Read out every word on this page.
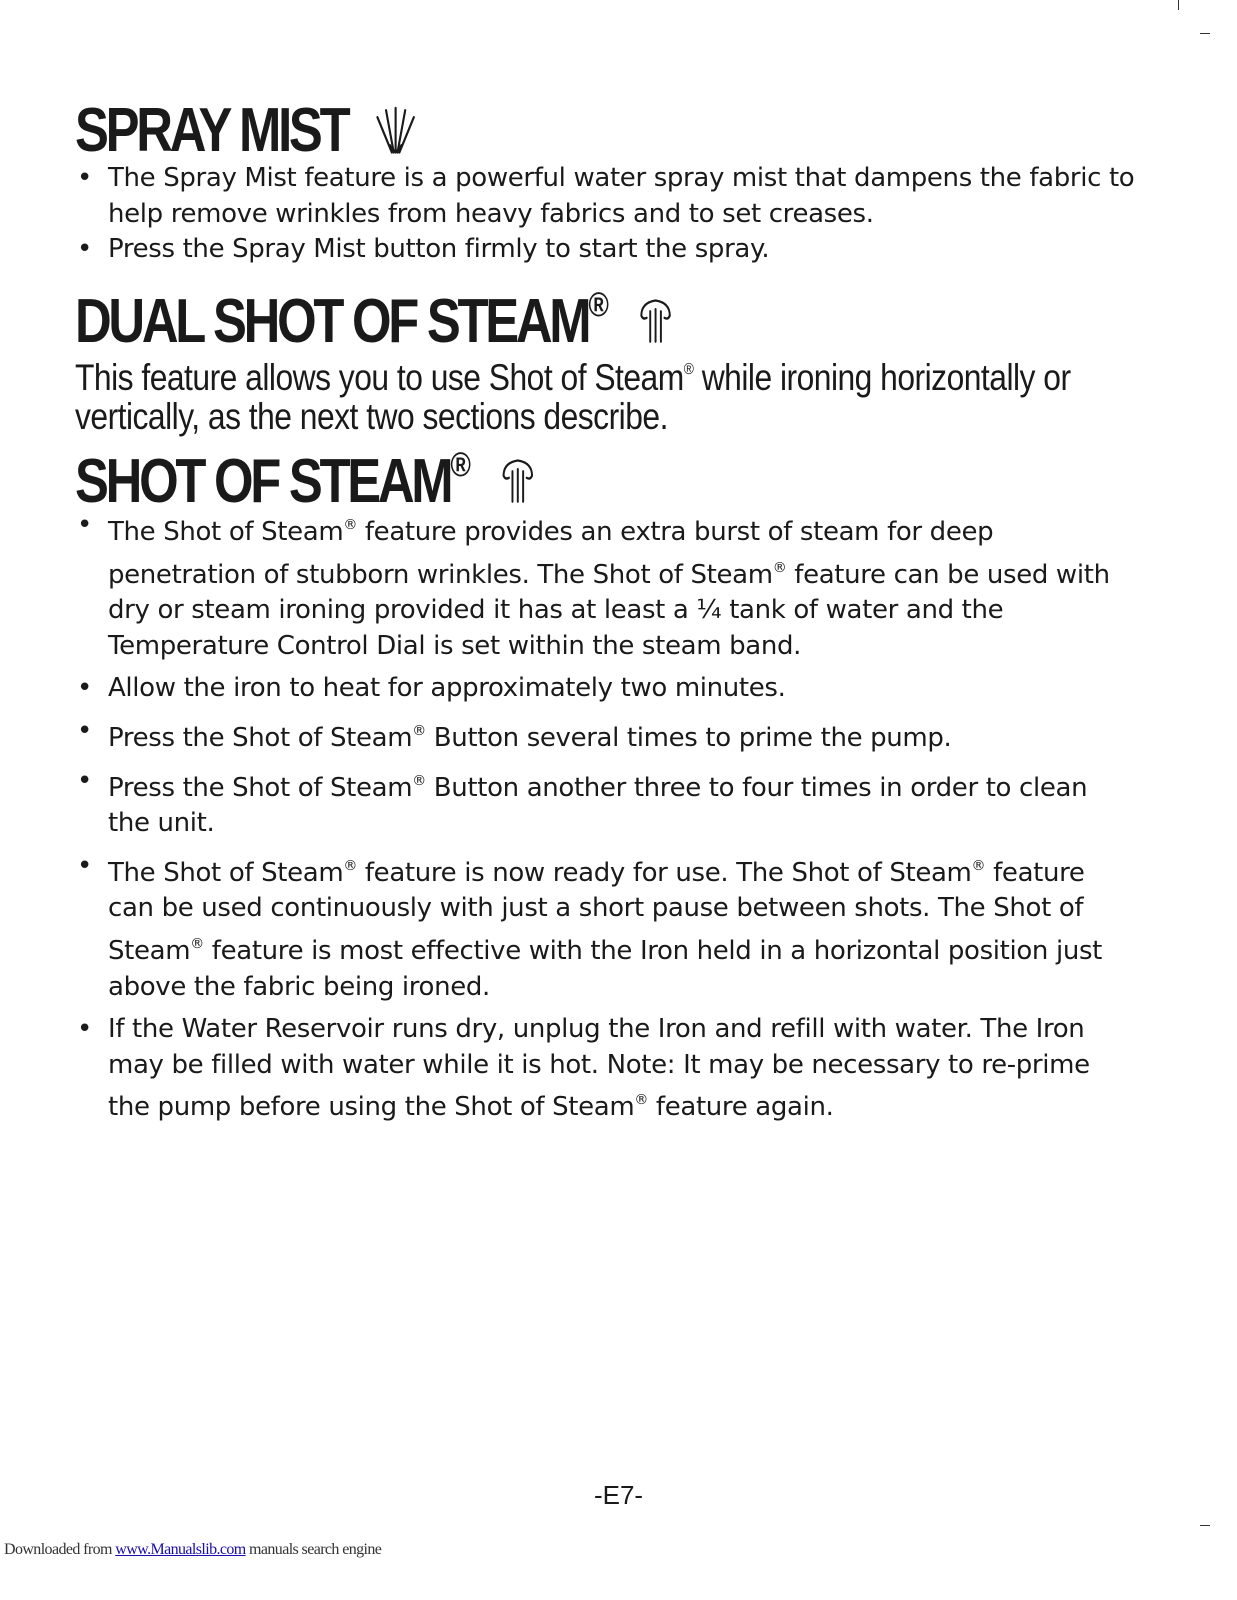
SPRAY MIST
• The Spray Mist feature is a powerful water spray mist that dampens the fabric to help remove wrinkles from heavy fabrics and to set creases.
• Press the Spray Mist button firmly to start the spray.
DUAL SHOT OF STEAM®

This feature allows you to use Shot of Steam® while ironing horizontally or vertically, as the next two sections describe.

SHOT OF STEAM®
• The Shot of Steam® feature provides an extra burst of steam for deep penetration of stubborn wrinkles. The Shot of Steam® feature can be used with dry or steam ironing provided it has at least a ¼ tank of water and the Temperature Control Dial is set within the steam band.
• Allow the iron to heat for approximately two minutes.
• Press the Shot of Steam® Button several times to prime the pump.
• Press the Shot of Steam® Button another three to four times in order to clean the unit.
• The Shot of Steam® feature is now ready for use. The Shot of Steam® feature can be used continuously with just a short pause between shots. The Shot of Steam® feature is most effective with the Iron held in a horizontal position just above the fabric being ironed.
• If the Water Reservoir runs dry, unplug the Iron and refill with water. The Iron may be filled with water while it is hot. Note: It may be necessary to re-prime the pump before using the Shot of Steam® feature again.
-E7-
Downloaded from www.Manualslib.com manuals search engine
